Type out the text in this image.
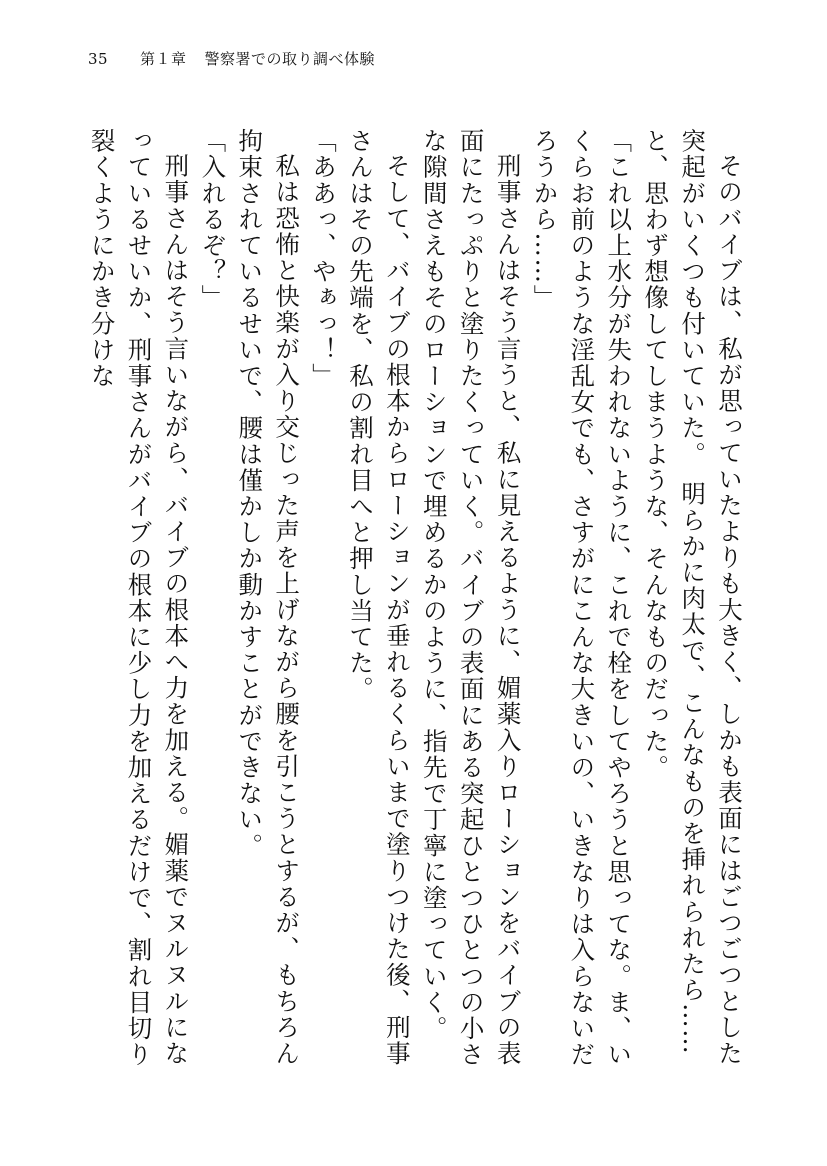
35	第１章 警察署での取り調べ体験

そのバイブは、私が思っていたよりも大きく、しかも表面にはごつごつとした突起がいくつも付いていた。　明らかに肉太で、こんなものを挿れられたら……と、思わず想像してしまうような、そんなものだった。

「これ以上水分が失われないように、これで栓をしてやろうと思ってな。ま、いくらお前のような淫乱女でも、さすがにこんな大きいの、いきなりは入らないだろうから……」

刑事さんはそう言うと、私に見えるように、媚薬入りローションをバイブの表面にたっぷりと塗りたくっていく。バイブの表面にある突起ひとつひとつの小さな隙間さえもそのローションで埋めるかのように、指先で丁寧に塗っていく。

そして、バイブの根本からローションが垂れるくらいまで塗りつけた後、刑事さんはその先端を、私の割れ目へと押し当てた。

「ああっ、やぁっ！」

私は恐怖と快楽が入り交じった声を上げながら腰を引こうとするが、もちろん拘束されているせいで、腰は僅かしか動かすことができない。

「入れるぞ？」

刑事さんはそう言いながら、バイブの根本へ力を加える。媚薬でヌルヌルになっているせいか、刑事さんがバイブの根本に少し力を加えるだけで、割れ目切り裂くようにかき分けな
